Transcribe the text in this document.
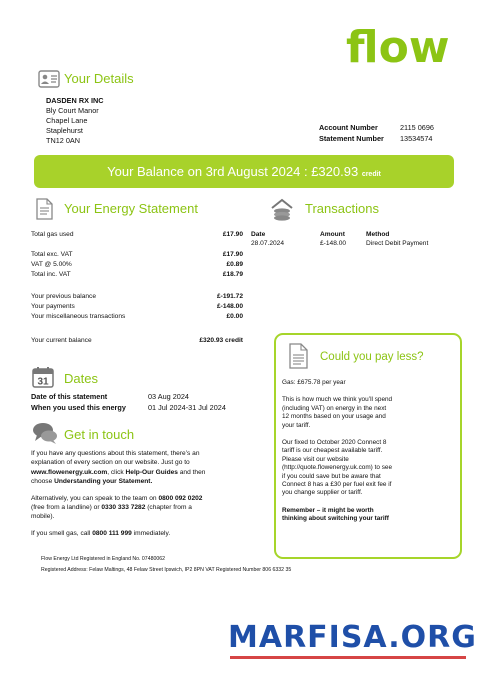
flow
Your Details
DASDEN RX INC
Bly Court Manor
Chapel Lane
Staplehurst
TN12 0AN
Account Number	2115 0696
Statement Number 13534574
Your Balance on 3rd August 2024 : £320.93 credit
Your Energy Statement
Total gas used	£17.90
Total exc. VAT	£17.90
VAT @ 5.00%	£0.89
Total inc. VAT	£18.79
Your previous balance	£-191.72
Your payments	£-148.00
Your miscellaneous transactions	£0.00
Your current balance	£320.93 credit
Transactions
Date	Amount	Method
28.07.2024	£-148.00	Direct Debit Payment
31 Dates
Date of this statement	03 Aug 2024
When you used this energy	01 Jul 2024-31 Jul 2024
Get in touch
If you have any questions about this statement, there’s an
explanation of every section on our website. Just go to
www.flowenergy.uk.com, click Help-Our Guides and then
choose Understanding your Statement.
Alternatively, you can speak to the team on 0800 092 0202
(free from a landline) or 0330 333 7282 (chapter from a
mobile).
If you smell gas, call 0800 111 999 immediately.
Could you pay less?

Gas: £675.78 per year

This is how much we think you’ll spend

(including VAT) on energy in the next

12 months based on your usage and

your tariff.

Our fixed to October 2020 Connect 8

tariff is our cheapest available tariff.

Please visit our website

(http://quote.flowenergy.uk.com) to see

if you could save but be aware that

Connect 8 has a £30 per fuel exit fee if

you change supplier or tariff.

Remember – it might be worth

thinking about switching your tariff

Flow Energy Ltd Registered in England No. 07480062
Registered Address: Felaw Maltings, 48 Felaw Street Ipswich, IP2 8PN VAT Registered Number 806 6332 35
MARFISA.ORG
